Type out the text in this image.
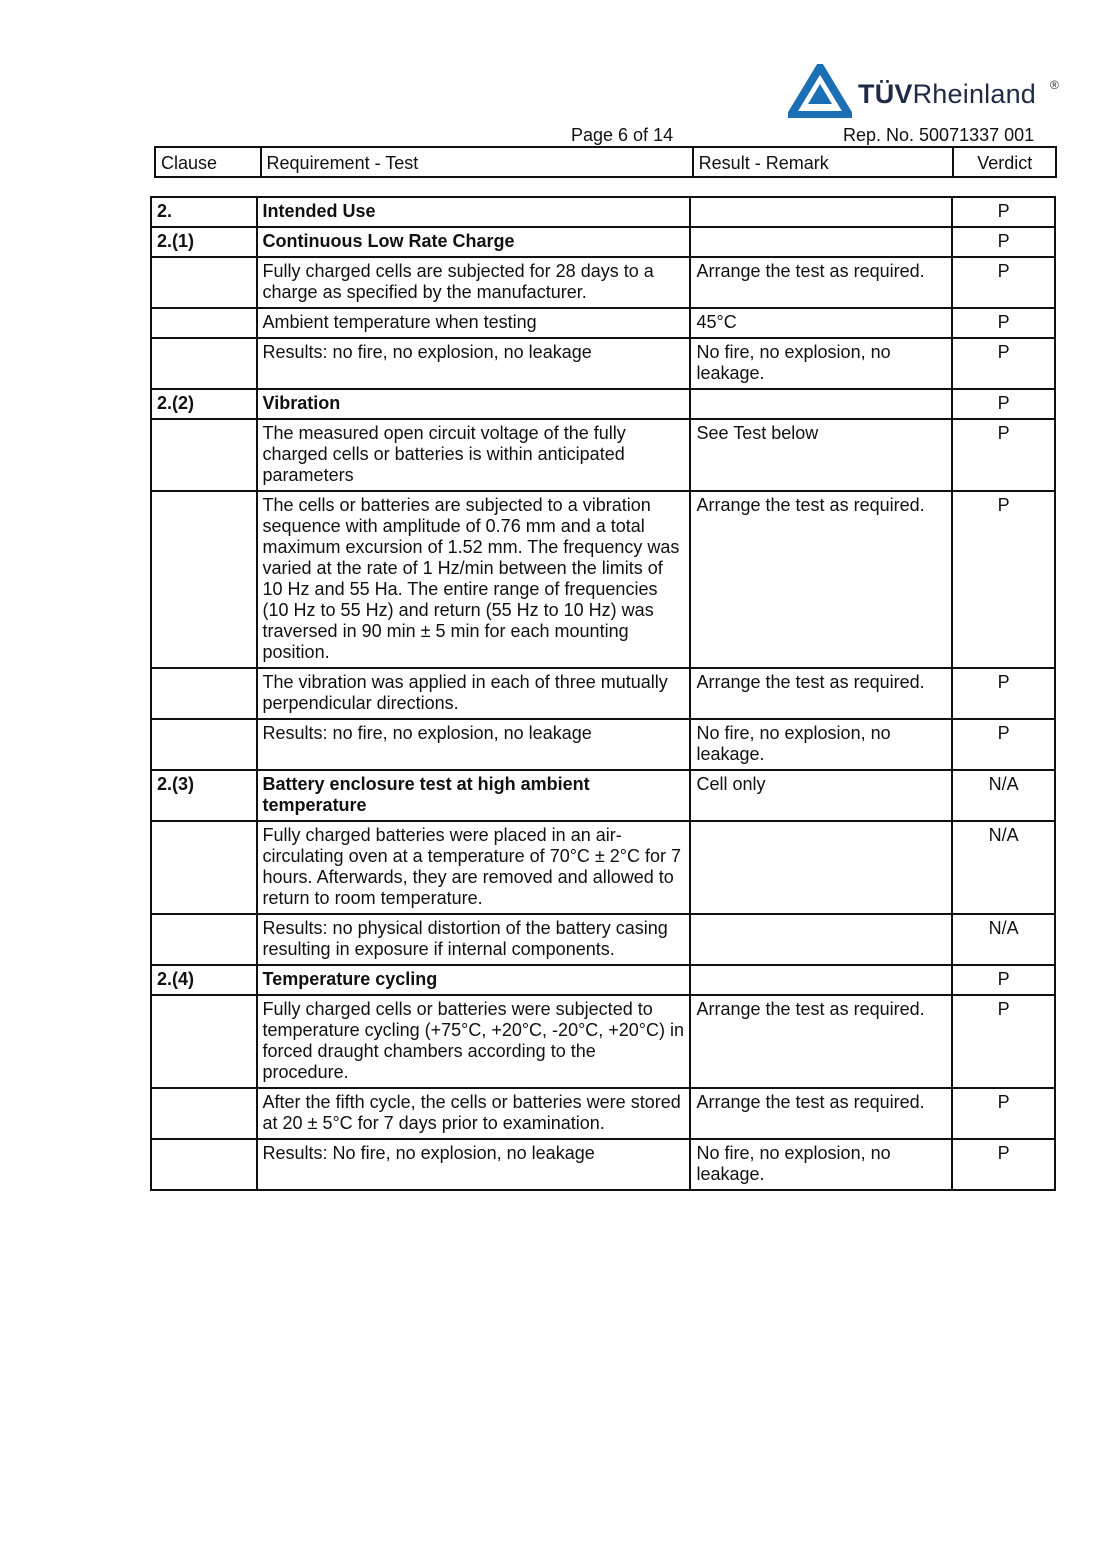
TÜVRheinland ®
Page 6 of 14	Rep. No. 50071337 001
Clause	Requirement - Test	Result - Remark	Verdict
2.	Intended Use		P
2.(1)	Continuous Low Rate Charge		P
	Fully charged cells are subjected for 28 days to a charge as specified by the manufacturer.	Arrange the test as required.	P
	Ambient temperature when testing	45°C	P
	Results: no fire, no explosion, no leakage	No fire, no explosion, no leakage.	P
2.(2)	Vibration		P
	The measured open circuit voltage of the fully charged cells or batteries is within anticipated parameters	See Test below	P
	The cells or batteries are subjected to a vibration sequence with amplitude of 0.76 mm and a total maximum excursion of 1.52 mm. The frequency was varied at the rate of 1 Hz/min between the limits of 10 Hz and 55 Ha. The entire range of frequencies (10 Hz to 55 Hz) and return (55 Hz to 10 Hz) was traversed in 90 min ± 5 min for each mounting position.	Arrange the test as required.	P
	The vibration was applied in each of three mutually perpendicular directions.	Arrange the test as required.	P
	Results: no fire, no explosion, no leakage	No fire, no explosion, no leakage.	P
2.(3)	Battery enclosure test at high ambient temperature	Cell only	N/A
	Fully charged batteries were placed in an air-circulating oven at a temperature of 70°C ± 2°C for 7 hours. Afterwards, they are removed and allowed to return to room temperature.		N/A
	Results: no physical distortion of the battery casing resulting in exposure if internal components.		N/A
2.(4)	Temperature cycling		P
	Fully charged cells or batteries were subjected to temperature cycling (+75°C, +20°C, -20°C, +20°C) in forced draught chambers according to the procedure.	Arrange the test as required.	P
	After the fifth cycle, the cells or batteries were stored at 20 ± 5°C for 7 days prior to examination.	Arrange the test as required.	P
	Results: No fire, no explosion, no leakage	No fire, no explosion, no leakage.	P
